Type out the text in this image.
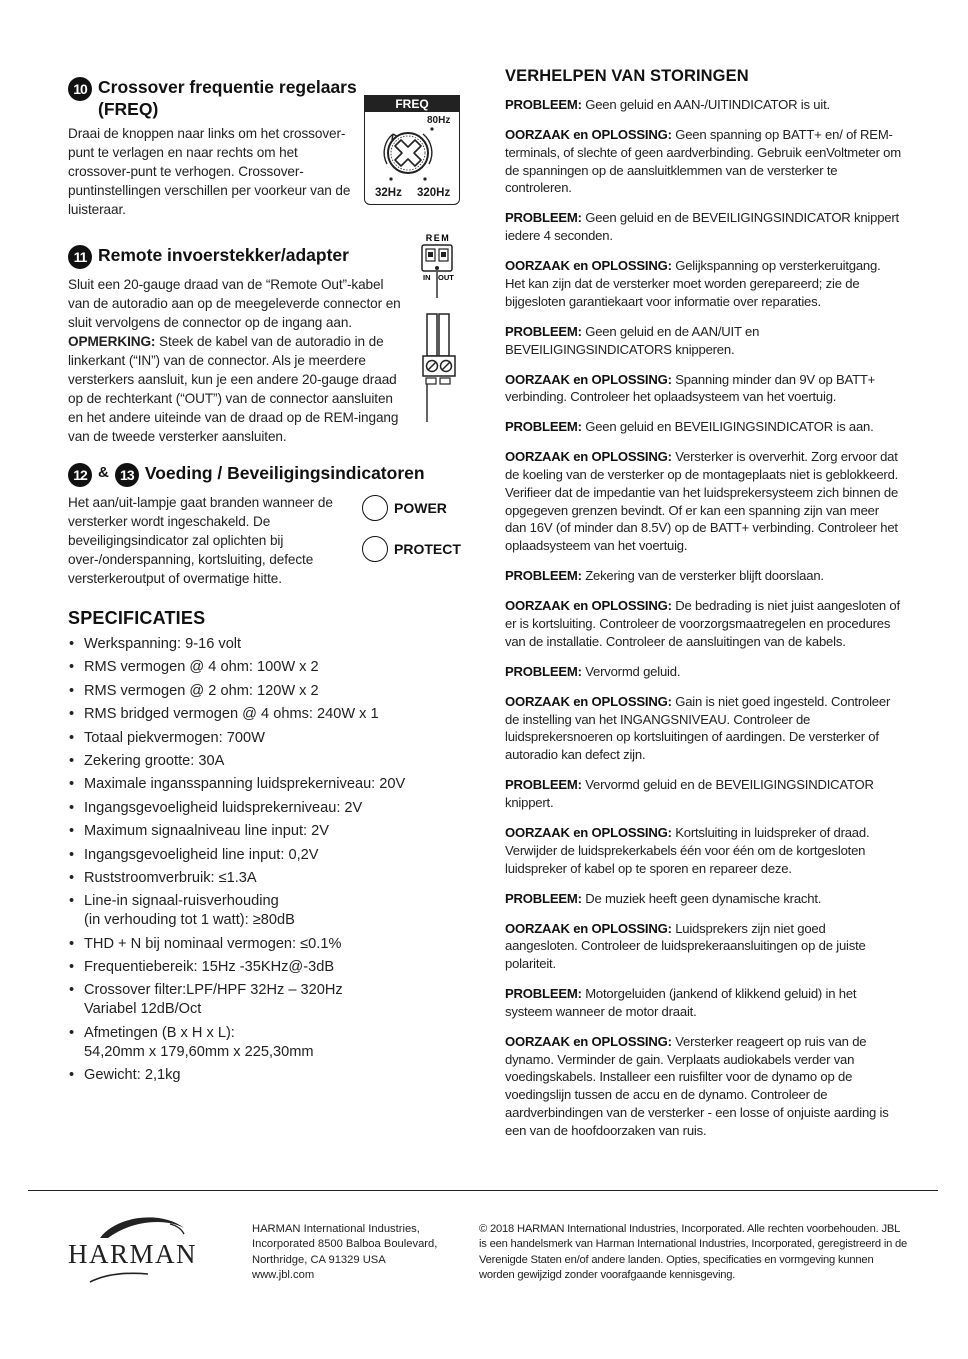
10 Crossover frequentie regelaars (FREQ)

Draai de knoppen naar links om het crossover-punt te verlagen en naar rechts om het crossover-punt te verhogen. Crossover-puntinstellingen verschillen per voorkeur van de luisteraar.

FREQ
80Hz
32Hz 320Hz
11 Remote invoerstekker/adapter

Sluit een 20-gauge draad van de “Remote Out”-kabel van de autoradio aan op de meegeleverde connector en sluit vervolgens de connector op de ingang aan. OPMERKING: Steek de kabel van de autoradio in de linkerkant (“IN”) van de connector. Als je meerdere versterkers aansluit, kun je een andere 20-gauge draad op de rechterkant (“OUT”) van de connector aansluiten en het andere uiteinde van de draad op de REM-ingang van de tweede versterker aansluiten.

REM
IN OUT
12 & 13 Voeding / Beveiligingsindicatoren

Het aan/uit-lampje gaat branden wanneer de versterker wordt ingeschakeld. De beveiligingsindicator zal oplichten bij over-/onderspanning, kortsluiting, defecte versterkeroutput of overmatige hitte.

POWER
PROTECT
SPECIFICATIES
• Werkspanning: 9-16 volt
• RMS vermogen @ 4 ohm: 100W x 2
• RMS vermogen @ 2 ohm: 120W x 2
• RMS bridged vermogen @ 4 ohms: 240W x 1
• Totaal piekvermogen: 700W
• Zekering grootte: 30A
• Maximale ingansspanning luidsprekerniveau: 20V
• Ingangsgevoeligheid luidsprekerniveau: 2V
• Maximum signaalniveau line input: 2V
• Ingangsgevoeligheid line input: 0,2V
• Ruststroomverbruik: ≤1.3A
• Line-in signaal-ruisverhouding
(in verhouding tot 1 watt): ≥80dB
• THD + N bij nominaal vermogen: ≤0.1%
• Frequentiebereik: 15Hz -35KHz@-3dB
• Crossover filter:LPF/HPF 32Hz – 320Hz
Variabel 12dB/Oct
• Afmetingen (B x H x L):
54,20mm x 179,60mm x 225,30mm
• Gewicht: 2,1kg
VERHELPEN VAN STORINGEN

PROBLEEM: Geen geluid en AAN-/UITINDICATOR is uit.

OORZAAK en OPLOSSING: Geen spanning op BATT+ en/ of REM-terminals, of slechte of geen aardverbinding. Gebruik eenVoltmeter om de spanningen op de aansluitklemmen van de versterker te controleren.

PROBLEEM: Geen geluid en de BEVEILIGINGSINDICATOR knippert iedere 4 seconden.

OORZAAK en OPLOSSING: Gelijkspanning op versterkeruitgang. Het kan zijn dat de versterker moet worden gerepareerd; zie de bijgesloten garantiekaart voor informatie over reparaties.

PROBLEEM: Geen geluid en de AAN/UIT en BEVEILIGINGSINDICATORS knipperen.

OORZAAK en OPLOSSING: Spanning minder dan 9V op BATT+ verbinding. Controleer het oplaadsysteem van het voertuig.

PROBLEEM: Geen geluid en BEVEILIGINGSINDICATOR is aan.

OORZAAK en OPLOSSING: Versterker is oververhit. Zorg ervoor dat de koeling van de versterker op de montageplaats niet is geblokkeerd. Verifieer dat de impedantie van het luidsprekersysteem zich binnen de opgegeven grenzen bevindt. Of er kan een spanning zijn van meer dan 16V (of minder dan 8.5V) op de BATT+ verbinding. Controleer het oplaadsysteem van het voertuig.

PROBLEEM: Zekering van de versterker blijft doorslaan.

OORZAAK en OPLOSSING: De bedrading is niet juist aangesloten of er is kortsluiting. Controleer de voorzorgsmaatregelen en procedures van de installatie. Controleer de aansluitingen van de kabels.

PROBLEEM: Vervormd geluid.

OORZAAK en OPLOSSING: Gain is niet goed ingesteld. Controleer de instelling van het INGANGSNIVEAU. Controleer de luidsprekersnoeren op kortsluitingen of aardingen. De versterker of autoradio kan defect zijn.

PROBLEEM: Vervormd geluid en de BEVEILIGINGSINDICATOR knippert.

OORZAAK en OPLOSSING: Kortsluiting in luidspreker of draad. Verwijder de luidsprekerkabels één voor één om de kortgesloten luidspreker of kabel op te sporen en repareer deze.

PROBLEEM: De muziek heeft geen dynamische kracht.

OORZAAK en OPLOSSING: Luidsprekers zijn niet goed aangesloten. Controleer de luidsprekeraansluitingen op de juiste polariteit.

PROBLEEM: Motorgeluiden (jankend of klikkend geluid) in het systeem wanneer de motor draait.

OORZAAK en OPLOSSING: Versterker reageert op ruis van de dynamo. Verminder de gain. Verplaats audiokabels verder van voedingskabels. Installeer een ruisfilter voor de dynamo op de voedingslijn tussen de accu en de dynamo. Controleer de aardverbindingen van de versterker - een losse of onjuiste aarding is een van de hoofdoorzaken van ruis.

HARMAN
HARMAN International Industries,
Incorporated 8500 Balboa Boulevard,
Northridge, CA 91329 USA
www.jbl.com
© 2018 HARMAN International Industries, Incorporated. Alle rechten voorbehouden. JBL is een handelsmerk van Harman International Industries, Incorporated, geregistreerd in de Verenigde Staten en/of andere landen. Opties, specificaties en vormgeving kunnen worden gewijzigd zonder voorafgaande kennisgeving.
